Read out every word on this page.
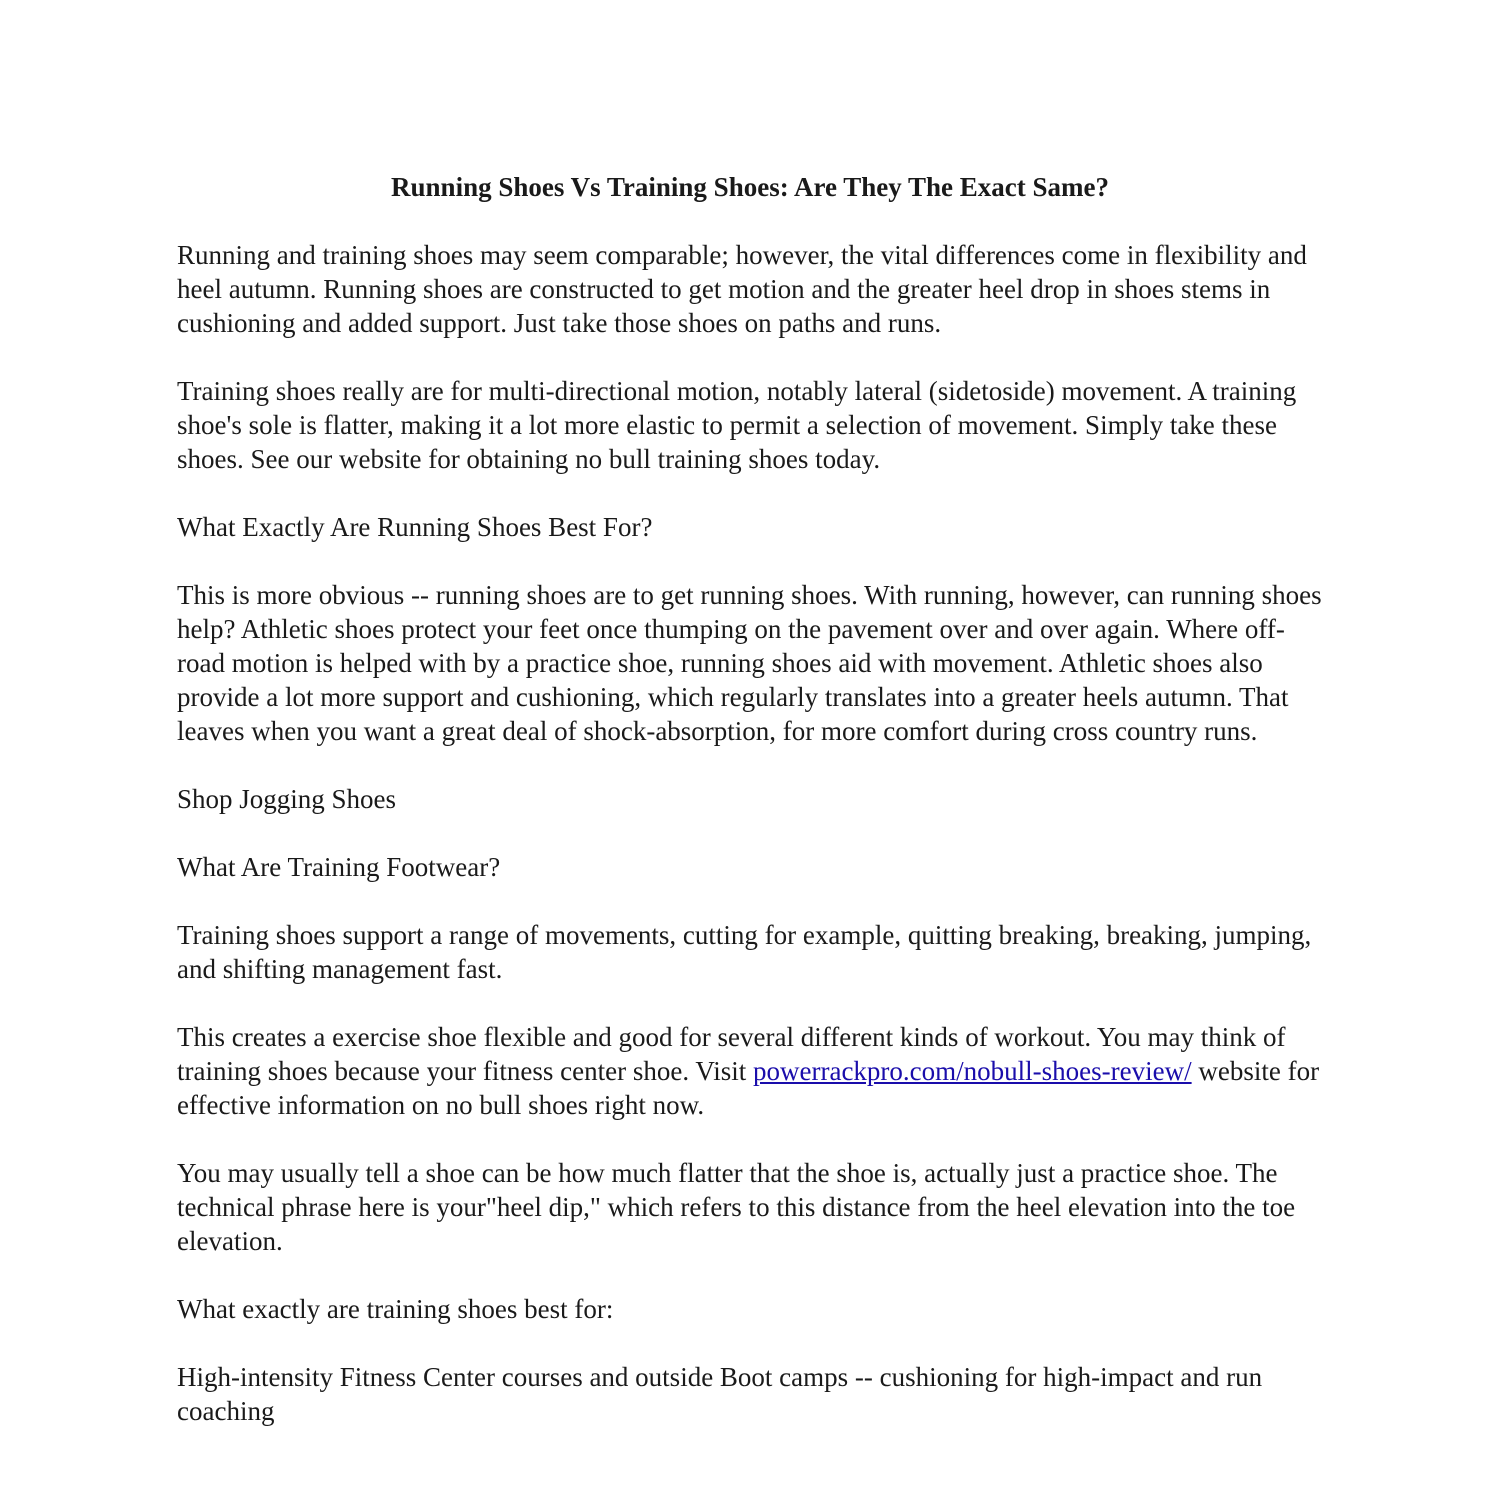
Running Shoes Vs Training Shoes: Are They The Exact Same?

Running and training shoes may seem comparable; however, the vital differences come in flexibility and heel autumn. Running shoes are constructed to get motion and the greater heel drop in shoes stems in cushioning and added support. Just take those shoes on paths and runs.

Training shoes really are for multi-directional motion, notably lateral (sidetoside) movement. A training shoe's sole is flatter, making it a lot more elastic to permit a selection of movement. Simply take these shoes. See our website for obtaining no bull training shoes today.

What Exactly Are Running Shoes Best For?

This is more obvious -- running shoes are to get running shoes. With running, however, can running shoes help? Athletic shoes protect your feet once thumping on the pavement over and over again. Where off-road motion is helped with by a practice shoe, running shoes aid with movement. Athletic shoes also provide a lot more support and cushioning, which regularly translates into a greater heels autumn. That leaves when you want a great deal of shock-absorption, for more comfort during cross country runs.

Shop Jogging Shoes

What Are Training Footwear?

Training shoes support a range of movements, cutting for example, quitting breaking, breaking, jumping, and shifting management fast.

This creates a exercise shoe flexible and good for several different kinds of workout. You may think of training shoes because your fitness center shoe. Visit powerrackpro.com/nobull-shoes-review/ website for effective information on no bull shoes right now.

You may usually tell a shoe can be how much flatter that the shoe is, actually just a practice shoe. The technical phrase here is your"heel dip," which refers to this distance from the heel elevation into the toe elevation.

What exactly are training shoes best for:

High-intensity Fitness Center courses and outside Boot camps -- cushioning for high-impact and run coaching
